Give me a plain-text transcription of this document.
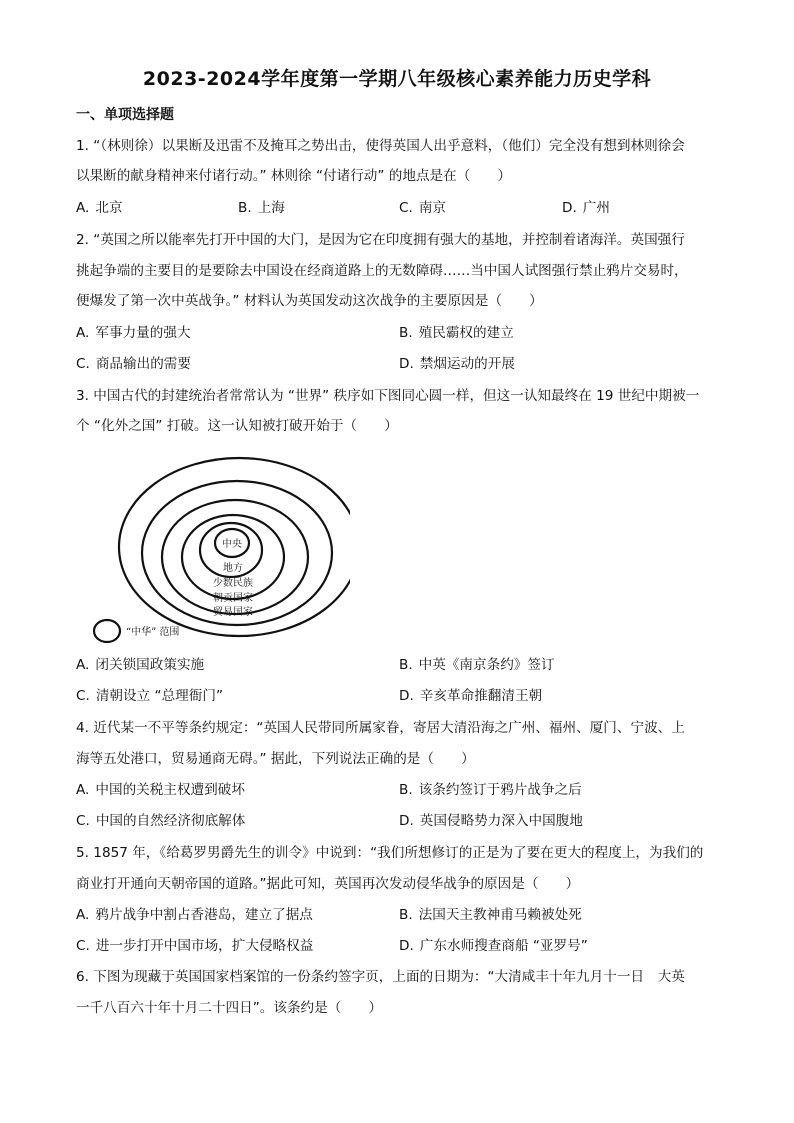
2023-2024学年度第一学期八年级核心素养能力历史学科
一、单项选择题
1. “（林则徐）以果断及迅雷不及掩耳之势出击，使得英国人出乎意料，（他们）完全没有想到林则徐会
以果断的献身精神来付诸行动。” 林则徐 “付诸行动” 的地点是在（　　）
A. 北京	B. 上海	C. 南京	D. 广州
2. “英国之所以能率先打开中国的大门，是因为它在印度拥有强大的基地，并控制着诸海洋。英国强行
挑起争端的主要目的是要除去中国设在经商道路上的无数障碍……当中国人试图强行禁止鸦片交易时，
便爆发了第一次中英战争。” 材料认为英国发动这次战争的主要原因是（　　）
A. 军事力量的强大	B. 殖民霸权的建立
C. 商品输出的需要	D. 禁烟运动的开展
3. 中国古代的封建统治者常常认为 “世界” 秩序如下图同心圆一样，但这一认知最终在 19 世纪中期被一
个 “化外之国” 打破。这一认知被打破开始于（　　）
中央
地方
少数民族
朝贡国家
贸易国家
“中华” 范围
A. 闭关锁国政策实施	B. 中英《南京条约》签订
C. 清朝设立 “总理衙门”	D. 辛亥革命推翻清王朝
4. 近代某一不平等条约规定：“英国人民带同所属家眷，寄居大清沿海之广州、福州、厦门、宁波、上
海等五处港口，贸易通商无碍。” 据此，下列说法正确的是（　　）
A. 中国的关税主权遭到破坏	B. 该条约签订于鸦片战争之后
C. 中国的自然经济彻底解体	D. 英国侵略势力深入中国腹地
5. 1857 年，《给葛罗男爵先生的训令》中说到：“我们所想修订的正是为了要在更大的程度上，为我们的
商业打开通向天朝帝国的道路。”据此可知，英国再次发动侵华战争的原因是（　　）
A. 鸦片战争中割占香港岛，建立了据点	B. 法国天主教神甫马赖被处死
C. 进一步打开中国市场，扩大侵略权益	D. 广东水师搜查商船 “亚罗号”
6. 下图为现藏于英国国家档案馆的一份条约签字页，上面的日期为：“大清咸丰十年九月十一日　大英
一千八百六十年十月二十四日”。该条约是（　　）
